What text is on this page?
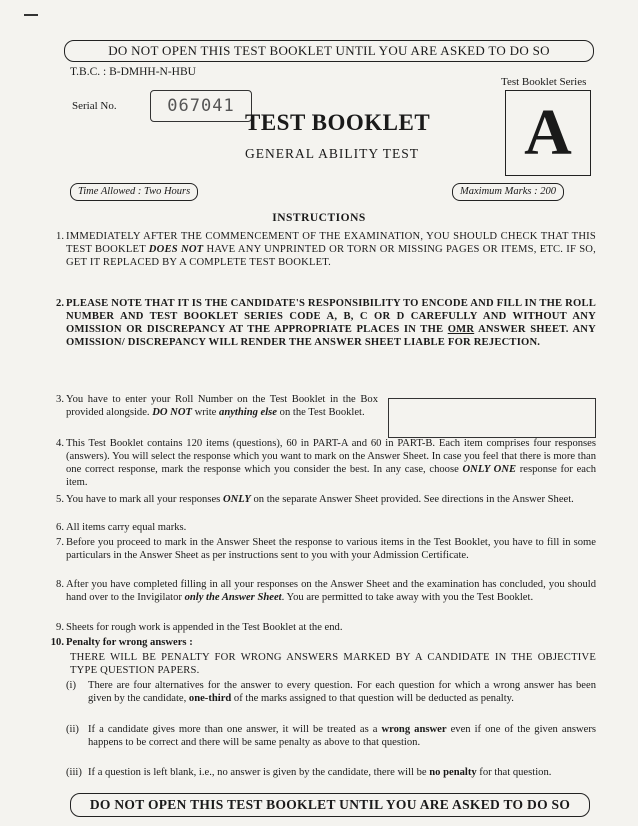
DO NOT OPEN THIS TEST BOOKLET UNTIL YOU ARE ASKED TO DO SO
T.B.C. : B-DMHH-N-HBU
Test Booklet Series
Serial No.	067041	A
TEST BOOKLET
GENERAL ABILITY TEST
Time Allowed : Two Hours	Maximum Marks : 200
INSTRUCTIONS
1. IMMEDIATELY AFTER THE COMMENCEMENT OF THE EXAMINATION, YOU SHOULD CHECK THAT THIS TEST BOOKLET DOES NOT HAVE ANY UNPRINTED OR TORN OR MISSING PAGES OR ITEMS, ETC. IF SO, GET IT REPLACED BY A COMPLETE TEST BOOKLET.
2. PLEASE NOTE THAT IT IS THE CANDIDATE'S RESPONSIBILITY TO ENCODE AND FILL IN THE ROLL NUMBER AND TEST BOOKLET SERIES CODE A, B, C OR D CAREFULLY AND WITHOUT ANY OMISSION OR DISCREPANCY AT THE APPROPRIATE PLACES IN THE OMR ANSWER SHEET. ANY OMISSION/ DISCREPANCY WILL RENDER THE ANSWER SHEET LIABLE FOR REJECTION.
3. You have to enter your Roll Number on the Test Booklet in the Box provided alongside. DO NOT write anything else on the Test Booklet.
4. This Test Booklet contains 120 items (questions), 60 in PART-A and 60 in PART-B. Each item comprises four responses (answers). You will select the response which you want to mark on the Answer Sheet. In case you feel that there is more than one correct response, mark the response which you consider the best. In any case, choose ONLY ONE response for each item.
5. You have to mark all your responses ONLY on the separate Answer Sheet provided. See directions in the Answer Sheet.
6. All items carry equal marks.
7. Before you proceed to mark in the Answer Sheet the response to various items in the Test Booklet, you have to fill in some particulars in the Answer Sheet as per instructions sent to you with your Admission Certificate.
8. After you have completed filling in all your responses on the Answer Sheet and the examination has concluded, you should hand over to the Invigilator only the Answer Sheet. You are permitted to take away with you the Test Booklet.
9. Sheets for rough work is appended in the Test Booklet at the end.
10. Penalty for wrong answers :
THERE WILL BE PENALTY FOR WRONG ANSWERS MARKED BY A CANDIDATE IN THE OBJECTIVE TYPE QUESTION PAPERS.
(i)	There are four alternatives for the answer to every question. For each question for which a wrong answer has been given by the candidate, one-third of the marks assigned to that question will be deducted as penalty.
(ii) If a candidate gives more than one answer, it will be treated as a wrong answer even if one of the given answers happens to be correct and there will be same penalty as above to that question.
(iii) If a question is left blank, i.e., no answer is given by the candidate, there will be no penalty for that question.
DO NOT OPEN THIS TEST BOOKLET UNTIL YOU ARE ASKED TO DO SO
